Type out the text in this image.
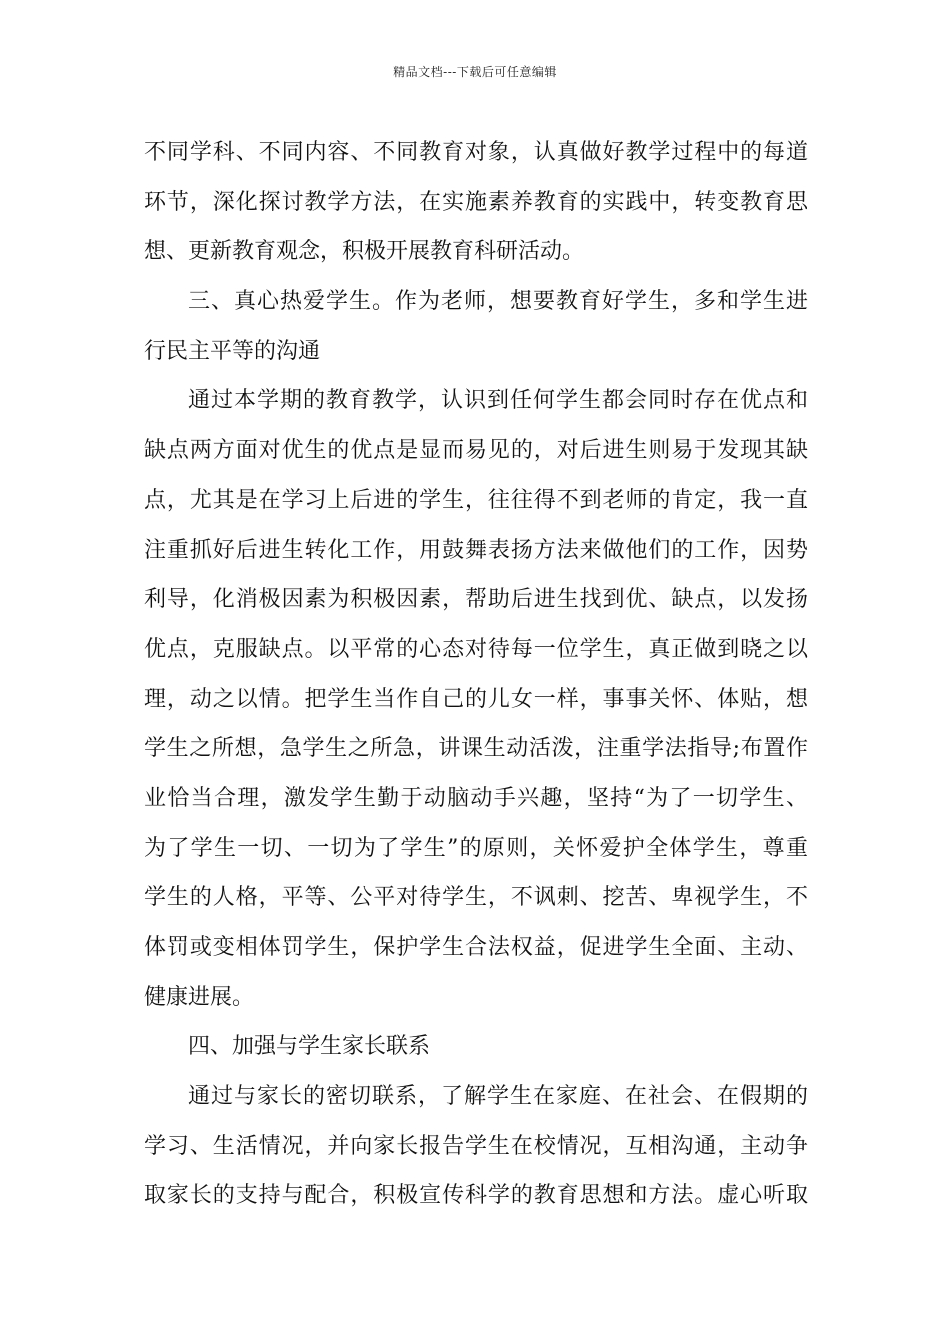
精品文档---下载后可任意编辑
不同学科、不同内容、不同教育对象，认真做好教学过程中的每道
环节，深化探讨教学方法，在实施素养教育的实践中，转变教育思
想、更新教育观念，积极开展教育科研活动。
三、真心热爱学生。作为老师，想要教育好学生，多和学生进
行民主平等的沟通
通过本学期的教育教学，认识到任何学生都会同时存在优点和
缺点两方面对优生的优点是显而易见的，对后进生则易于发现其缺
点，尤其是在学习上后进的学生，往往得不到老师的肯定，我一直
注重抓好后进生转化工作，用鼓舞表扬方法来做他们的工作，因势
利导，化消极因素为积极因素，帮助后进生找到优、缺点，以发扬
优点，克服缺点。以平常的心态对待每一位学生，真正做到晓之以
理，动之以情。把学生当作自己的儿女一样，事事关怀、体贴，想
学生之所想，急学生之所急，讲课生动活泼，注重学法指导;布置作
业恰当合理，激发学生勤于动脑动手兴趣，坚持“为了一切学生、
为了学生一切、一切为了学生”的原则，关怀爱护全体学生，尊重
学生的人格，平等、公平对待学生，不讽刺、挖苦、卑视学生，不
体罚或变相体罚学生，保护学生合法权益，促进学生全面、主动、
健康进展。
四、加强与学生家长联系
通过与家长的密切联系，了解学生在家庭、在社会、在假期的
学习、生活情况，并向家长报告学生在校情况，互相沟通，主动争
取家长的支持与配合，积极宣传科学的教育思想和方法。虚心听取
